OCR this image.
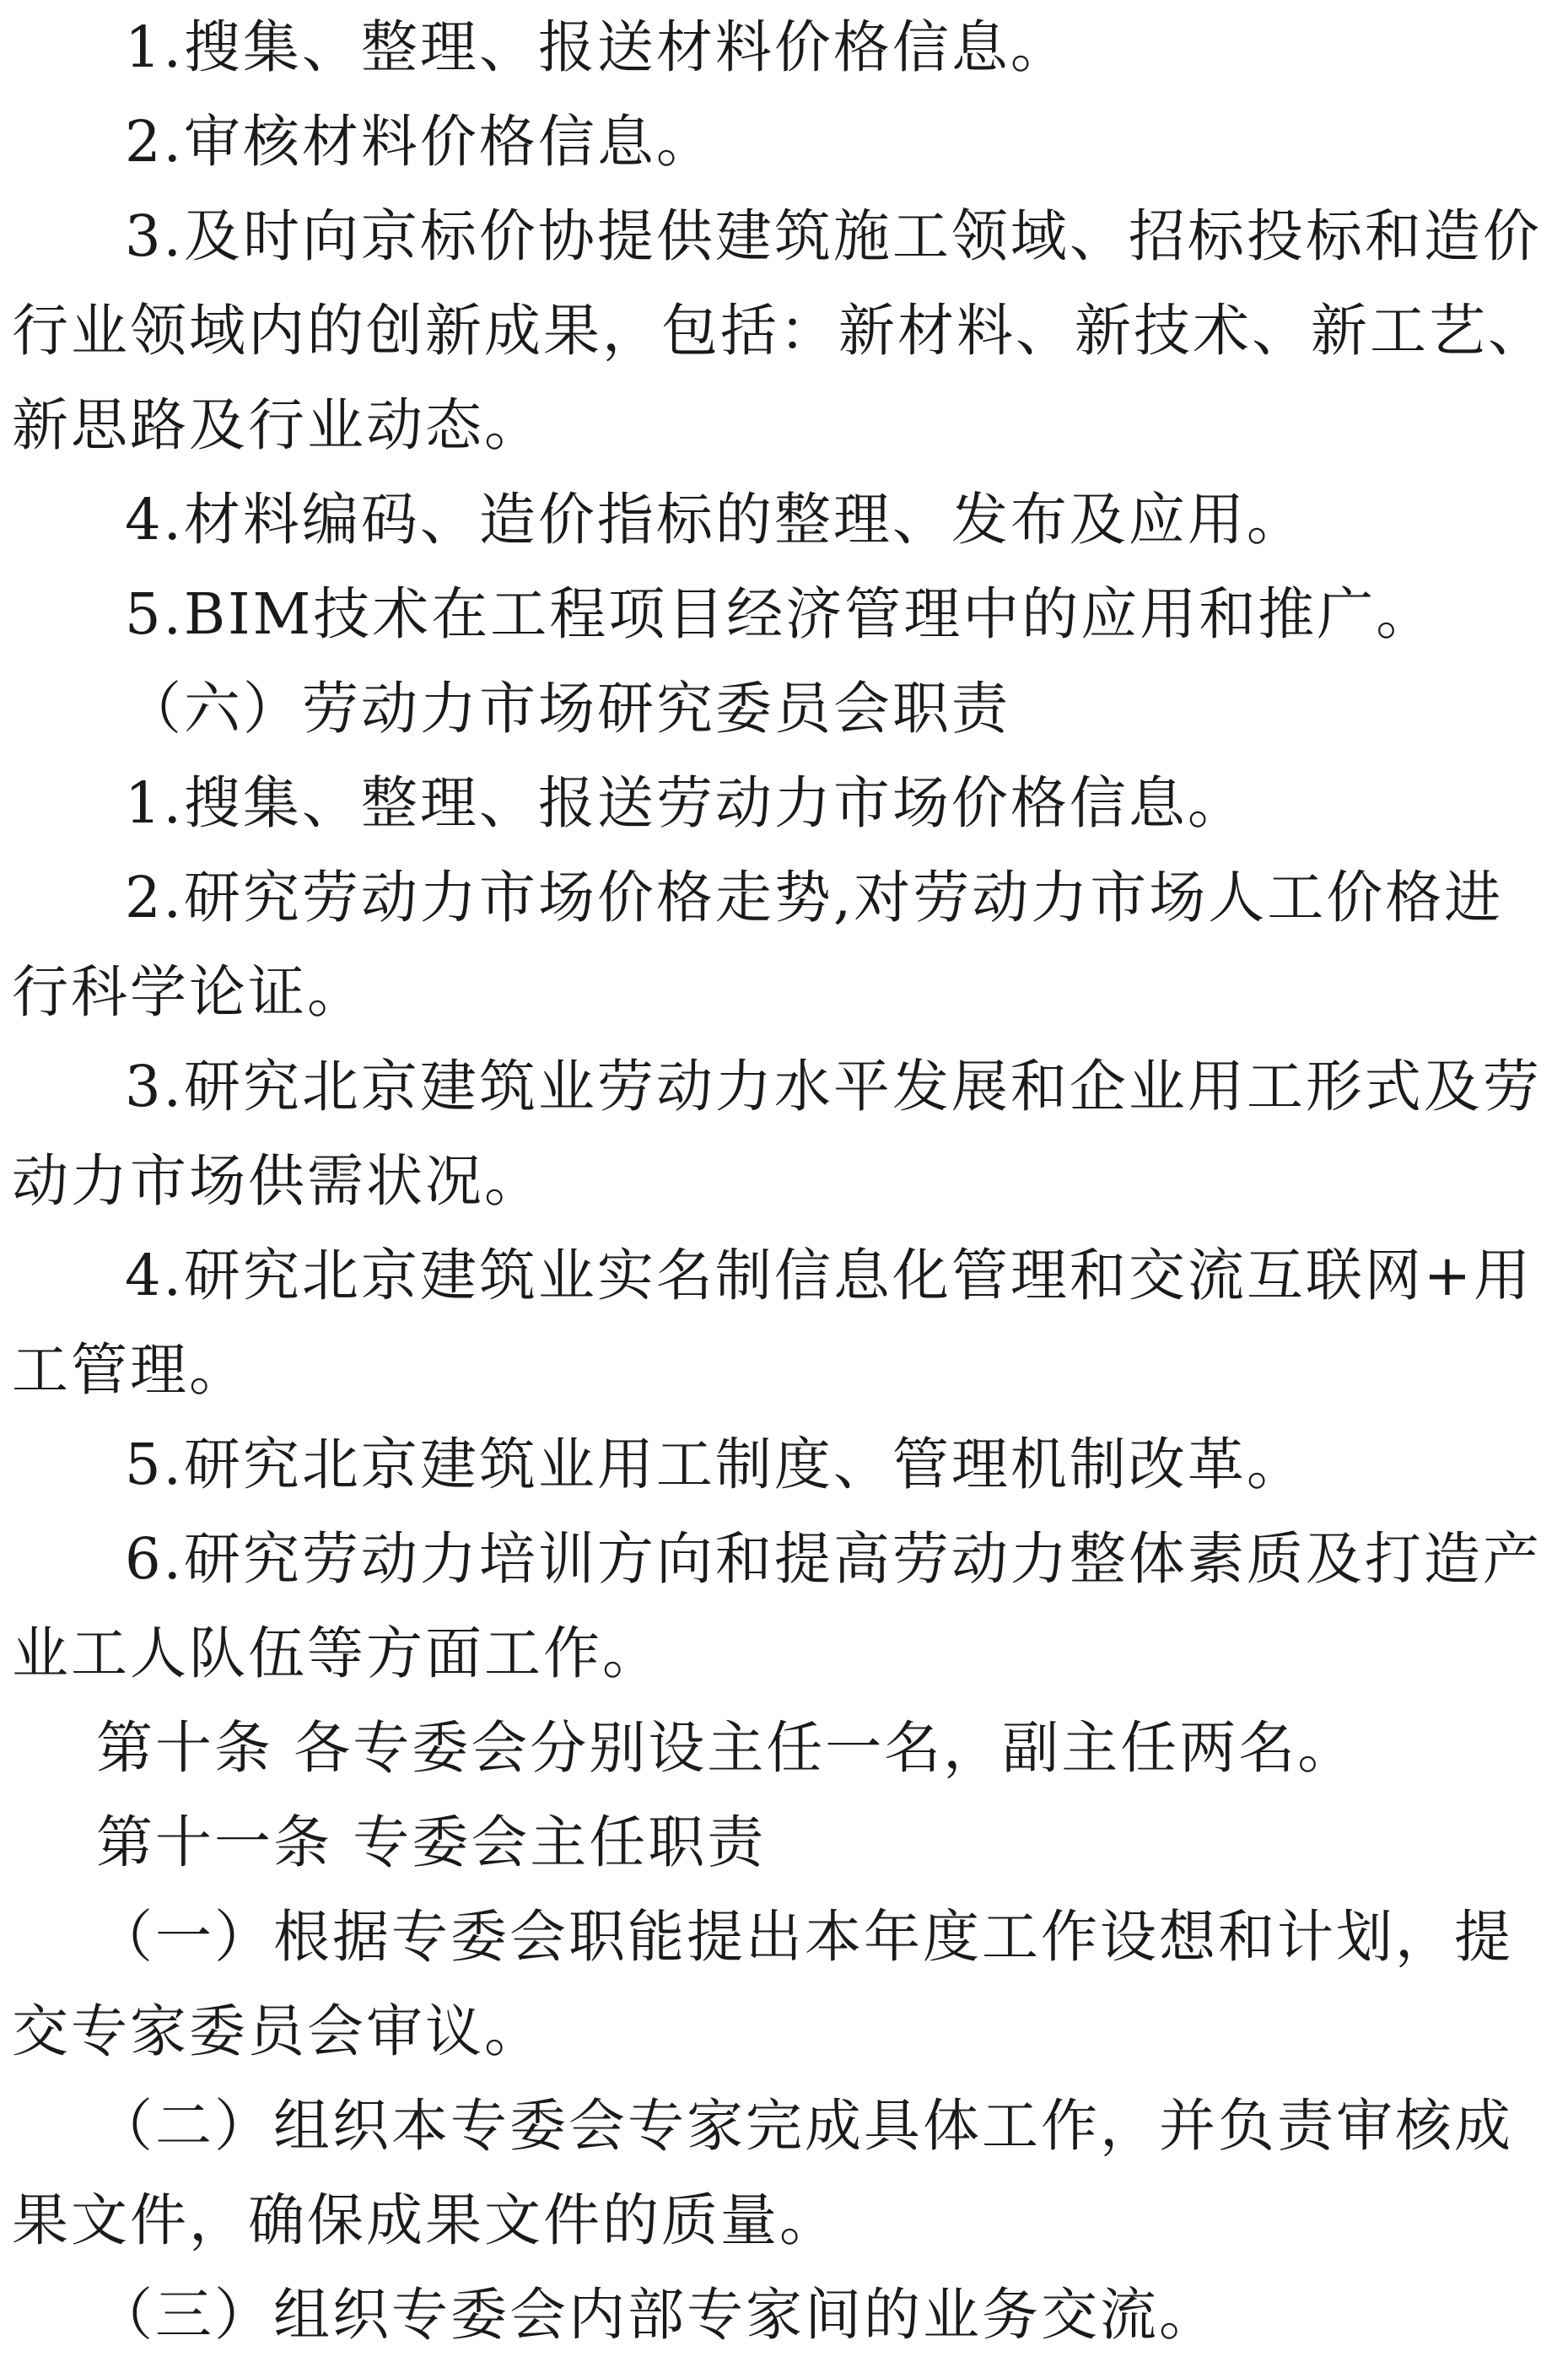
1.搜集、整理、报送材料价格信息。

2.审核材料价格信息。

3.及时向京标价协提供建筑施工领域、招标投标和造价行业领域内的创新成果，包括：新材料、新技术、新工艺、新思路及行业动态。

4.材料编码、造价指标的整理、发布及应用。

5.BIM技术在工程项目经济管理中的应用和推广。

（六）劳动力市场研究委员会职责

1.搜集、整理、报送劳动力市场价格信息。

2.研究劳动力市场价格走势,对劳动力市场人工价格进行科学论证。

3.研究北京建筑业劳动力水平发展和企业用工形式及劳动力市场供需状况。

4.研究北京建筑业实名制信息化管理和交流互联网+用工管理。

5.研究北京建筑业用工制度、管理机制改革。

6.研究劳动力培训方向和提高劳动力整体素质及打造产业工人队伍等方面工作。

第十条 各专委会分别设主任一名，副主任两名。

第十一条 专委会主任职责

（一）根据专委会职能提出本年度工作设想和计划，提交专家委员会审议。

（二）组织本专委会专家完成具体工作，并负责审核成果文件，确保成果文件的质量。

（三）组织专委会内部专家间的业务交流。
